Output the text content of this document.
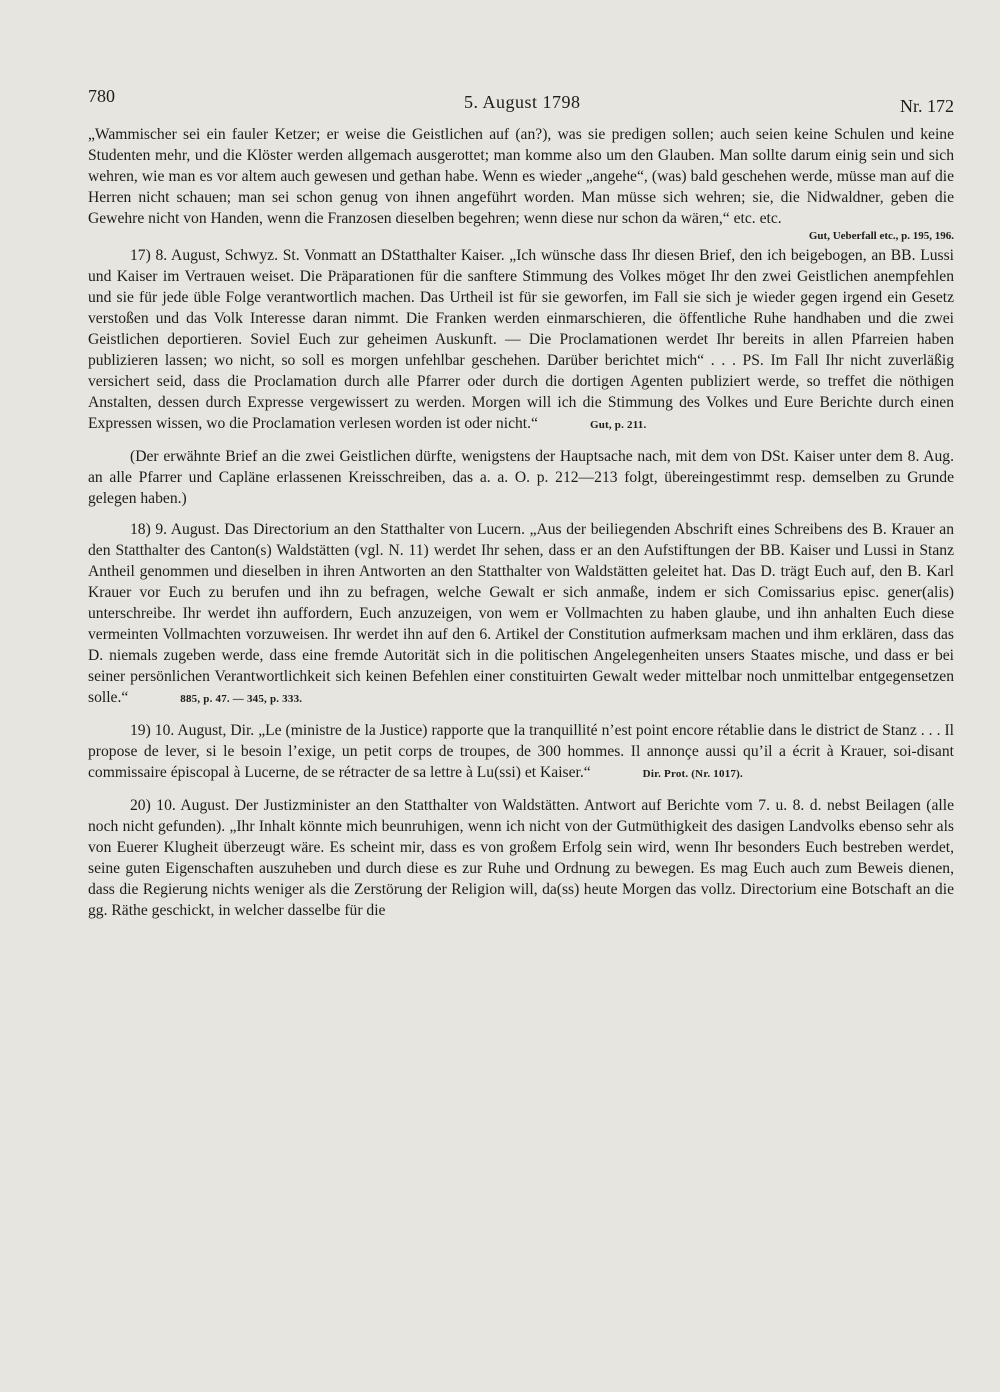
780	5. August 1798	Nr. 172

„Wammischer sei ein fauler Ketzer; er weise die Geistlichen auf (an?), was sie predigen sollen; auch seien keine Schulen und keine Studenten mehr, und die Klöster werden allgemach ausgerottet; man komme also um den Glauben. Man sollte darum einig sein und sich wehren, wie man es vor altem auch gewesen und gethan habe. Wenn es wieder „angehe“, (was) bald geschehen werde, müsse man auf die Herren nicht schauen; man sei schon genug von ihnen angeführt worden. Man müsse sich wehren; sie, die Nidwaldner, geben die Gewehre nicht von Handen, wenn die Franzosen dieselben begehren; wenn diese nur schon da wären,“ etc. etc.

Gut, Ueberfall etc., p. 195, 196.

17) 8. August, Schwyz. St. Vonmatt an DStatthalter Kaiser. „Ich wünsche dass Ihr diesen Brief, den ich beigebogen, an BB. Lussi und Kaiser im Vertrauen weiset. Die Präparationen für die sanftere Stimmung des Volkes möget Ihr den zwei Geistlichen anempfehlen und sie für jede üble Folge verantwortlich machen. Das Urtheil ist für sie geworfen, im Fall sie sich je wieder gegen irgend ein Gesetz verstoßen und das Volk Interesse daran nimmt. Die Franken werden einmarschieren, die öffentliche Ruhe handhaben und die zwei Geistlichen deportieren. Soviel Euch zur geheimen Auskunft. — Die Proclamationen werdet Ihr bereits in allen Pfarreien haben publizieren lassen; wo nicht, so soll es morgen unfehlbar geschehen. Darüber berichtet mich“ . . . PS. Im Fall Ihr nicht zuverläßig versichert seid, dass die Proclamation durch alle Pfarrer oder durch die dortigen Agenten publiziert werde, so treffet die nöthigen Anstalten, dessen durch Expresse vergewissert zu werden. Morgen will ich die Stimmung des Volkes und Eure Berichte durch einen Expressen wissen, wo die Proclamation verlesen worden ist oder nicht.“	Gut, p. 211.

(Der erwähnte Brief an die zwei Geistlichen dürfte, wenigstens der Hauptsache nach, mit dem von DSt. Kaiser unter dem 8. Aug. an alle Pfarrer und Capläne erlassenen Kreisschreiben, das a. a. O. p. 212—213 folgt, übereingestimmt resp. demselben zu Grunde gelegen haben.)

18) 9. August. Das Directorium an den Statthalter von Lucern. „Aus der beiliegenden Abschrift eines Schreibens des B. Krauer an den Statthalter des Canton(s) Waldstätten (vgl. N. 11) werdet Ihr sehen, dass er an den Aufstiftungen der BB. Kaiser und Lussi in Stanz Antheil genommen und dieselben in ihren Antworten an den Statthalter von Waldstätten geleitet hat. Das D. trägt Euch auf, den B. Karl Krauer vor Euch zu berufen und ihn zu befragen, welche Gewalt er sich anmaße, indem er sich Comissarius episc. gener(alis) unterschreibe. Ihr werdet ihn auffordern, Euch anzuzeigen, von wem er Vollmachten zu haben glaube, und ihn anhalten Euch diese vermeinten Vollmachten vorzuweisen. Ihr werdet ihn auf den 6. Artikel der Constitution aufmerksam machen und ihm erklären, dass das D. niemals zugeben werde, dass eine fremde Autorität sich in die politischen Angelegenheiten unsers Staates mische, und dass er bei seiner persönlichen Verantwortlichkeit sich keinen Befehlen einer constituirten Gewalt weder mittelbar noch unmittelbar entgegensetzen solle.“	885, p. 47. — 345, p. 333.

19) 10. August, Dir. „Le (ministre de la Justice) rapporte que la tranquillité n’est point encore rétablie dans le district de Stanz . . . Il propose de lever, si le besoin l’exige, un petit corps de troupes, de 300 hommes. Il annonçe aussi qu’il a écrit à Krauer, soi-disant commissaire épiscopal à Lucerne, de se rétracter de sa lettre à Lu(ssi) et Kaiser.“	Dir. Prot. (Nr. 1017).

20) 10. August. Der Justizminister an den Statthalter von Waldstätten. Antwort auf Berichte vom 7. u. 8. d. nebst Beilagen (alle noch nicht gefunden). „Ihr Inhalt könnte mich beunruhigen, wenn ich nicht von der Gutmüthigkeit des dasigen Landvolks ebenso sehr als von Euerer Klugheit überzeugt wäre. Es scheint mir, dass es von großem Erfolg sein wird, wenn Ihr besonders Euch bestreben werdet, seine guten Eigenschaften auszuheben und durch diese es zur Ruhe und Ordnung zu bewegen. Es mag Euch auch zum Beweis dienen, dass die Regierung nichts weniger als die Zerstörung der Religion will, da(ss) heute Morgen das vollz. Directorium eine Botschaft an die gg. Räthe geschickt, in welcher dasselbe für die
